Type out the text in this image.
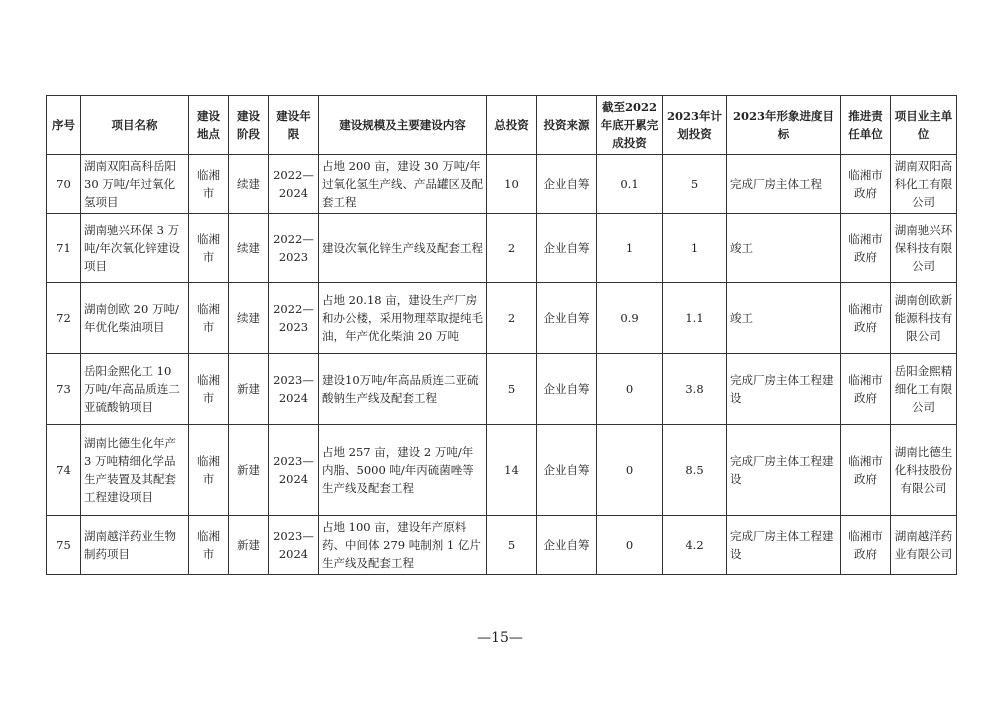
序号	项目名称	建设地点	建设阶段	建设年限	建设规模及主要建设内容	总投资	投资来源	截至2022年底开累完成投资	2023年计划投资	2023年形象进度目标	推进责任单位	项目业主单位
70	湖南双阳高科岳阳 30 万吨/年过氧化氢项目	临湘市	续建	2022—2024	占地 200 亩，建设 30 万吨/年过氧化氢生产线、产品罐区及配套工程	10	企业自筹	0.1	5	完成厂房主体工程	临湘市政府	湖南双阳高科化工有限公司
71	湖南驰兴环保 3 万吨/年次氧化锌建设项目	临湘市	续建	2022—2023	建设次氧化锌生产线及配套工程	2	企业自筹	1	1	竣工	临湘市政府	湖南驰兴环保科技有限公司
72	湖南创欧 20 万吨/年优化柴油项目	临湘市	续建	2022—2023	占地 20.18 亩，建设生产厂房和办公楼，采用物理萃取提纯毛油，年产优化柴油 20 万吨	2	企业自筹	0.9	1.1	竣工	临湘市政府	湖南创欧新能源科技有限公司
73	岳阳金熙化工 10 万吨/年高品质连二亚硫酸钠项目	临湘市	新建	2023—2024	建设10万吨/年高品质连二亚硫酸钠生产线及配套工程	5	企业自筹	0	3.8	完成厂房主体工程建设	临湘市政府	岳阳金熙精细化工有限公司
74	湖南比德生化年产 3 万吨精细化学品生产装置及其配套工程建设项目	临湘市	新建	2023—2024	占地 257 亩，建设 2 万吨/年内脂、5000 吨/年丙硫菌唑等生产线及配套工程	14	企业自筹	0	8.5	完成厂房主体工程建设	临湘市政府	湖南比德生化科技股份有限公司
75	湖南越洋药业生物制药项目	临湘市	新建	2023—2024	占地 100 亩，建设年产原料药、中间体 279 吨制剂 1 亿片生产线及配套工程	5	企业自筹	0	4.2	完成厂房主体工程建设	临湘市政府	湖南越洋药业有限公司
—15—
